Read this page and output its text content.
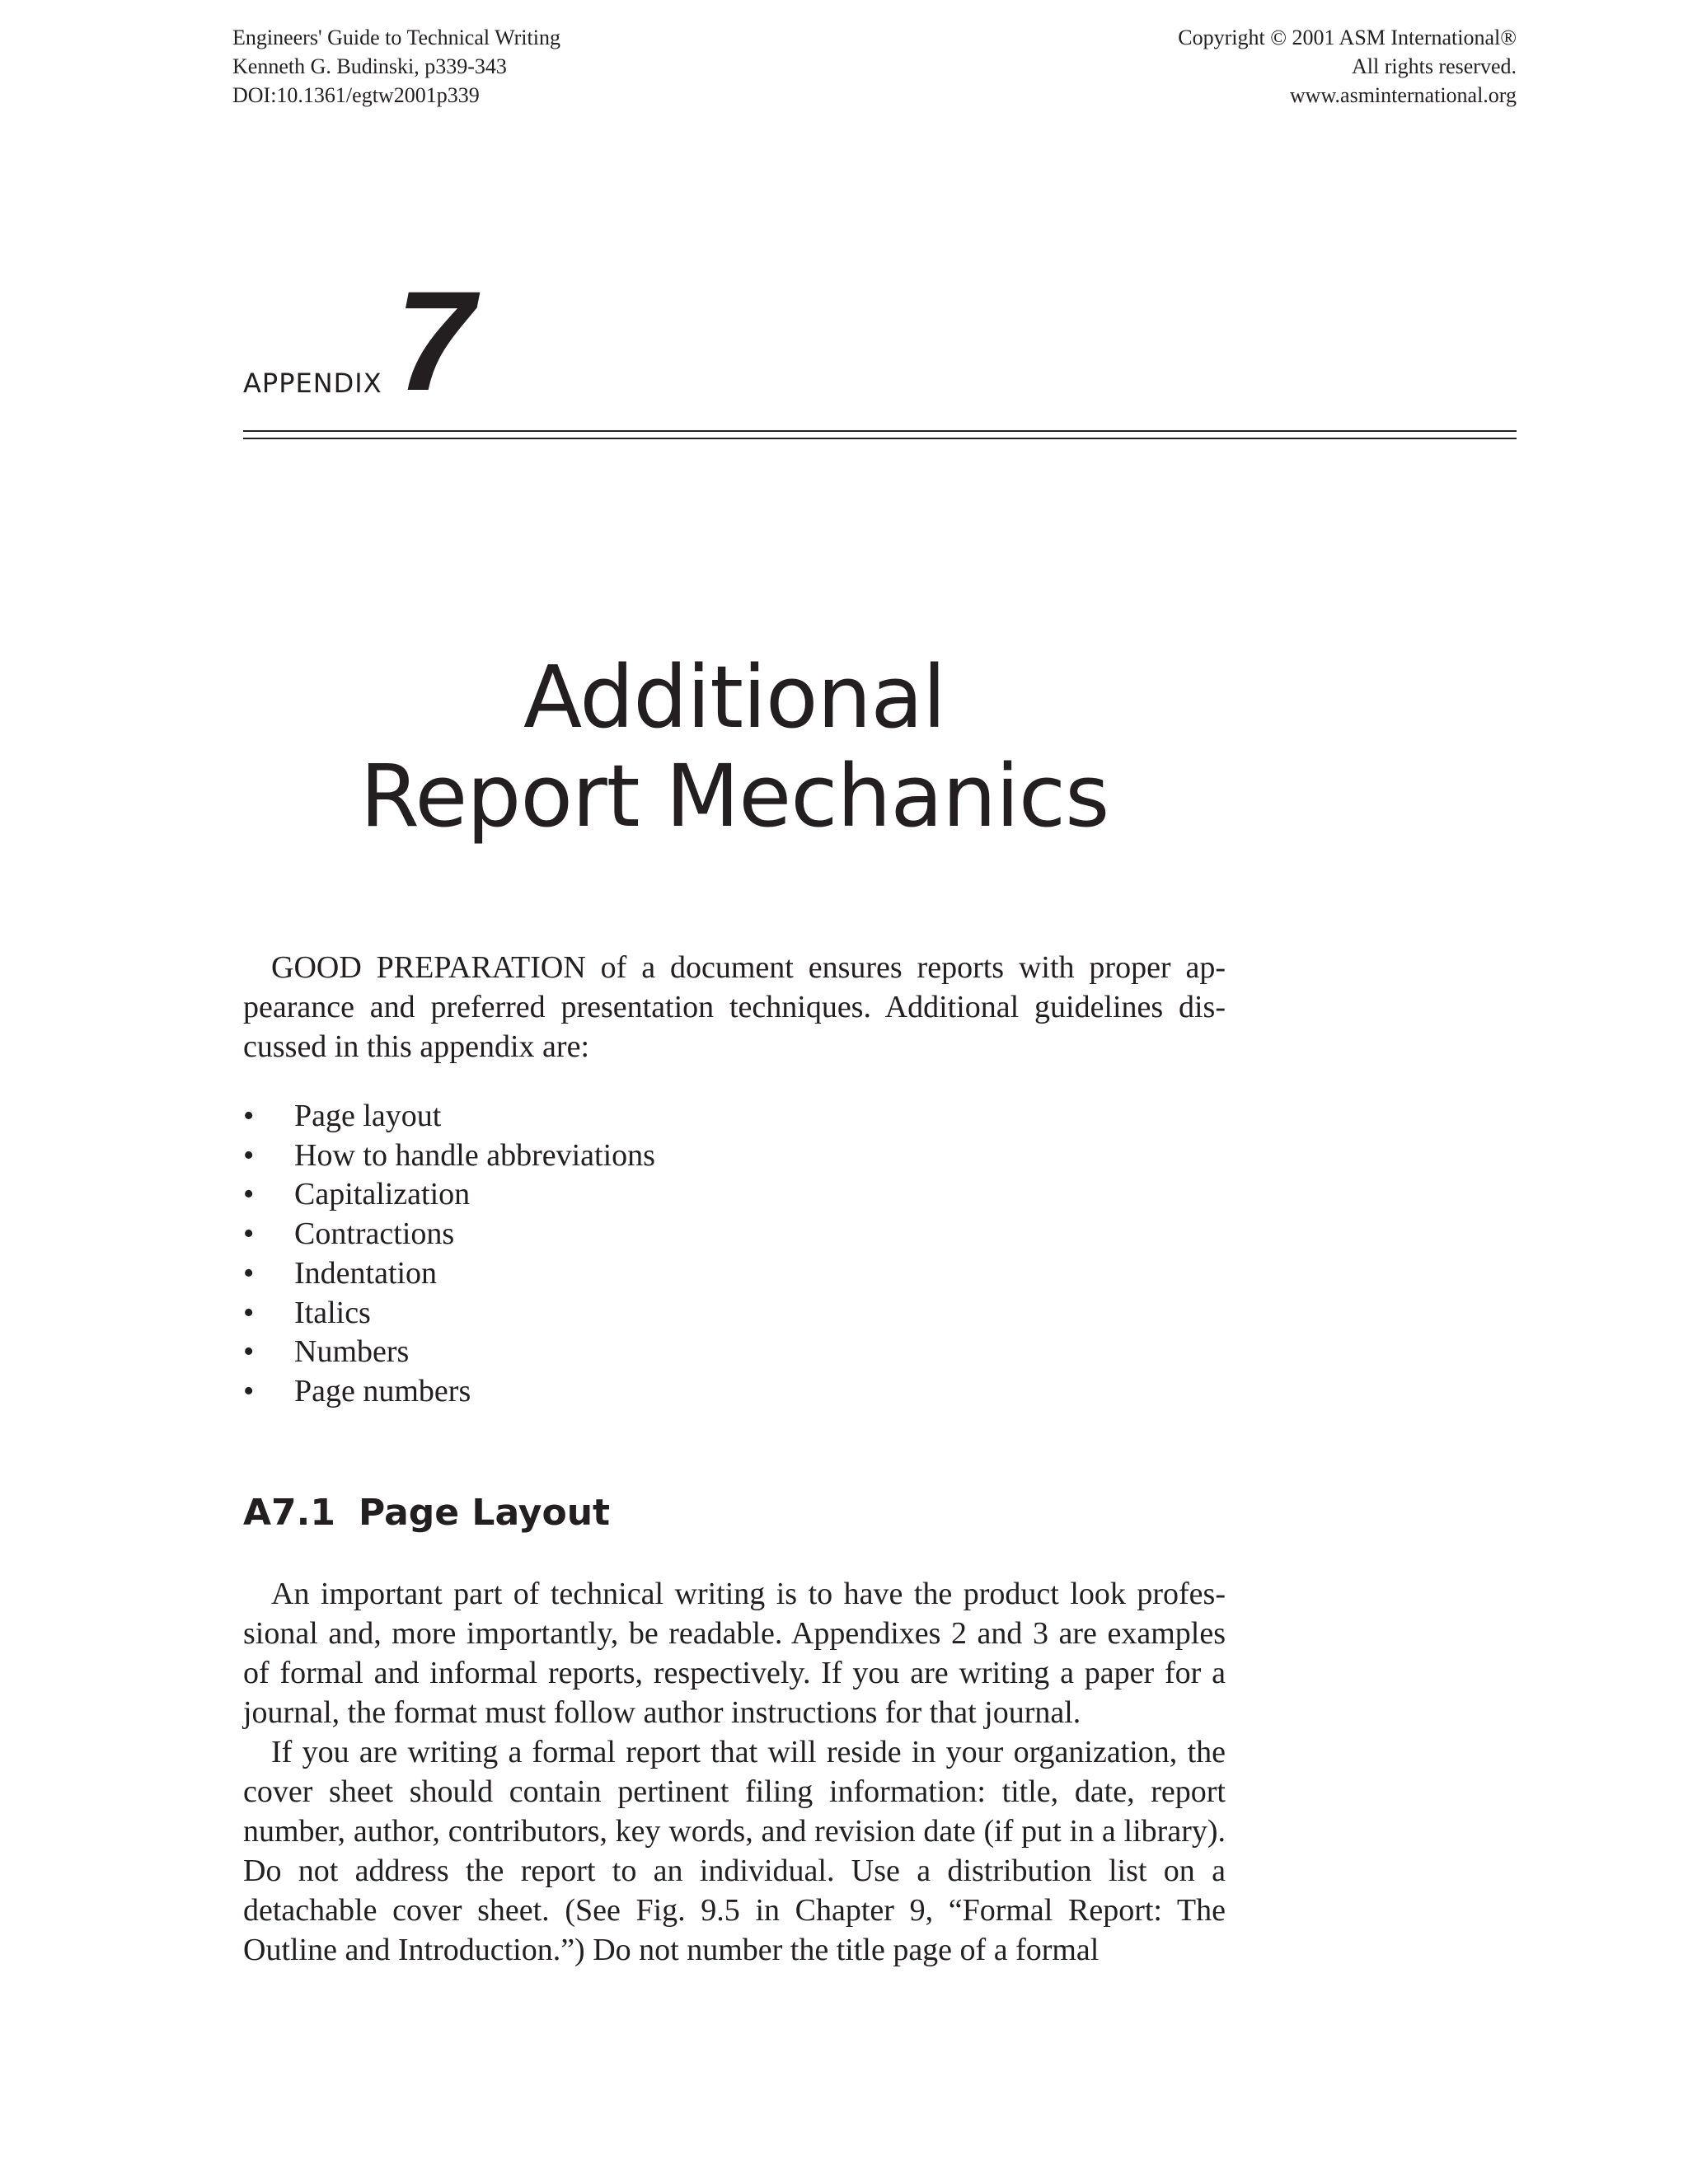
Engineers' Guide to Technical Writing
Kenneth G. Budinski, p339-343
DOI:10.1361/egtw2001p339
Copyright © 2001 ASM International®
All rights reserved.
www.asminternational.org
APPENDIX 7
Additional
Report Mechanics

GOOD PREPARATION of a document ensures reports with proper appearance and preferred presentation techniques. Additional guidelines discussed in this appendix are:

• Page layout
• How to handle abbreviations
• Capitalization
• Contractions
• Indentation
• Italics
• Numbers
• Page numbers
A7.1 Page Layout

An important part of technical writing is to have the product look professional and, more importantly, be readable. Appendixes 2 and 3 are examples of formal and informal reports, respectively. If you are writing a paper for a journal, the format must follow author instructions for that journal.

If you are writing a formal report that will reside in your organization, the cover sheet should contain pertinent filing information: title, date, report number, author, contributors, key words, and revision date (if put in a library). Do not address the report to an individual. Use a distribution list on a detachable cover sheet. (See Fig. 9.5 in Chapter 9, “Formal Report: The Outline and Introduction.”) Do not number the title page of a formal
